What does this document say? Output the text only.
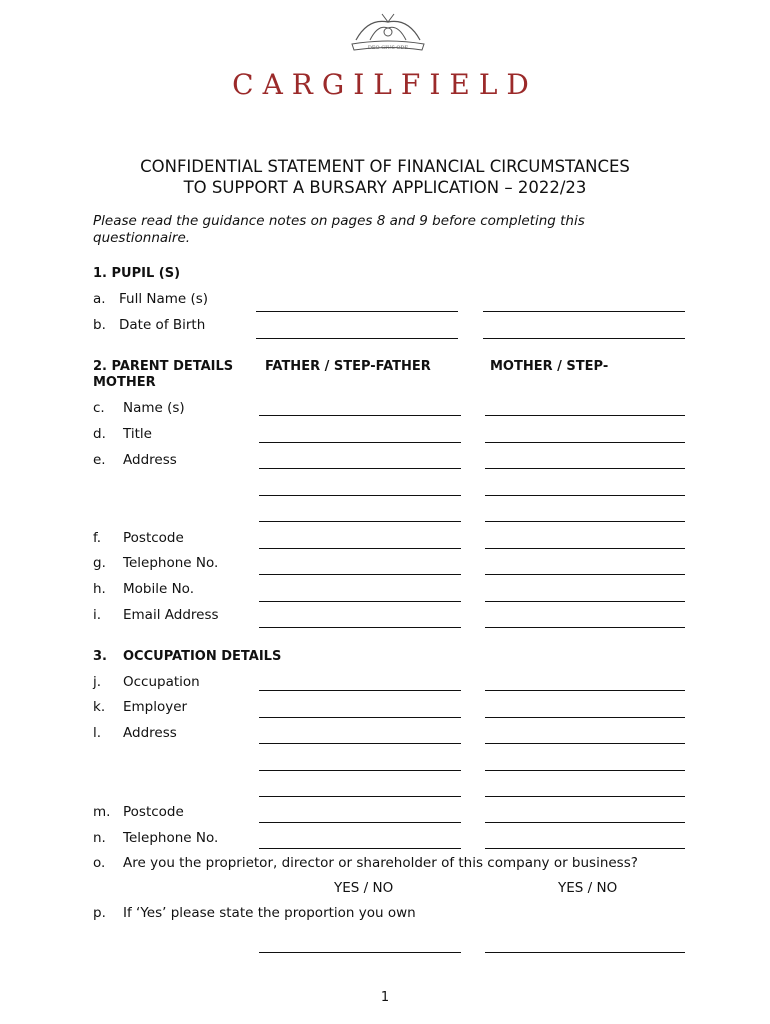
DEO GIUS ODE
CARGILFIELD
CONFIDENTIAL STATEMENT OF FINANCIAL CIRCUMSTANCES
TO SUPPORT A BURSARY APPLICATION – 2022/23
Please read the guidance notes on pages 8 and 9 before completing this questionnaire.
1. PUPIL (S)
a. Full Name (s)
b. Date of Birth
2. PARENT DETAILS FATHER / STEP-FATHER	MOTHER / STEP-
MOTHER
c. Name (s)
d. Title
e. Address
f. Postcode
g. Telephone No.
h. Mobile No.
i. Email Address
3. OCCUPATION DETAILS
j. Occupation
k. Employer
l. Address
m. Postcode
n. Telephone No.
o. Are you the proprietor, director or shareholder of this company or business?
YES / NO	YES / NO
p. If ‘Yes’ please state the proportion you own
1
